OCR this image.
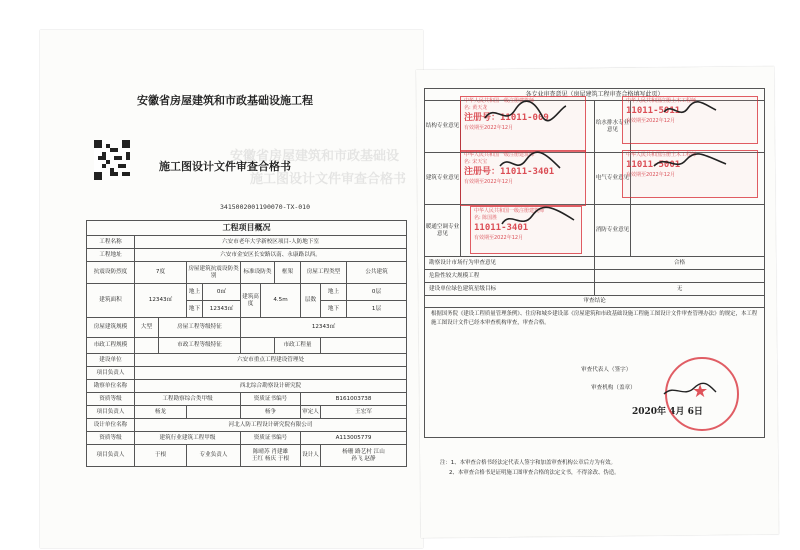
安徽省房屋建筑和市政基础设
施工图设计文件审查合格书
安徽省房屋建筑和市政基础设施工程
施工图设计文件审查合格书
3415002001190070-TX-010
工程项目概况										
工程名称	六安市老年大学新校区项目-人防地下室									
工程地址	六安市金安区长安路以南、永康路以西。									
抗震设防烈度	7度		房屋建筑抗震设防类别		标准设防类		框架	房屋工程类型		公共建筑
建筑面积	12343㎡		地上	0㎡	建筑高度	4.5m		层数	地上	0层
			地下	12343㎡					地下	1层
房屋建筑规模	大型	房屋工程等级特征			12343㎡					

市政工程规模		市政工程等级特征					市政工程量			
建设单位	六安市重点工程建设管理处									
项目负责人										
勘察单位名称	西北综合勘察设计研究院									
资质等级	工程勘察综合类甲级				资质证书编号			B161003738		
项目负责人	杨龙				杨争			审定人	王宏军	
设计单位名称	河北人防工程设计研究院有限公司									
资质等级	建筑行业建筑工程甲级				资质证书编号			A113005779		
项目负责人	于根		专业负责人		陈晴苏 肖建雄
王红 杨庆 于根			设计人	杨珊 路艺村 江山
孙飞 赵静	
各专业审查意见（房屋建筑工程审查合格填写此页）			
结构专业意见		给水排水专业意见	
建筑专业意见		电气专业意见	
暖通空调专业意见		消防专业意见	
勘察设计市场行为审查意见		合格	
危险性较大规模工程			
建设单位绿色建筑星级目标		无	
审查结论			

根据国务院《建设工程质量管理条例》、住房和城乡建设部《房屋建筑和市政基础设施工程施工图设计文件审查管理办法》的规定，本工程施工图设计文件已经本审查机构审查，审查合格。
审查代表人（签字）
审查机构（盖章）			
2020年 4月 6日
★
注：1、本审查合格书经法定代表人签字和加盖审查机构公章后方为有效。
2、本审查合格书是证明施工图审查合格的法定文书，不得涂改、伪造。
中华人民共和国一级注册建筑师
名: 黄天龙
注册号：11011-009
有效期至2022年12月
中华人民共和国注册土木工程师
11011-5011
有效期至2022年12月
中华人民共和国一级注册建筑师
名: 宋天宝
注册号：11011-3401
有效期至2022年12月
中华人民共和国注册土木工程师
11011-5001
有效期至2022年12月
中华人民共和国一级注册建筑师
名: 陈国胜
11011-3401
有效期至2022年12月
